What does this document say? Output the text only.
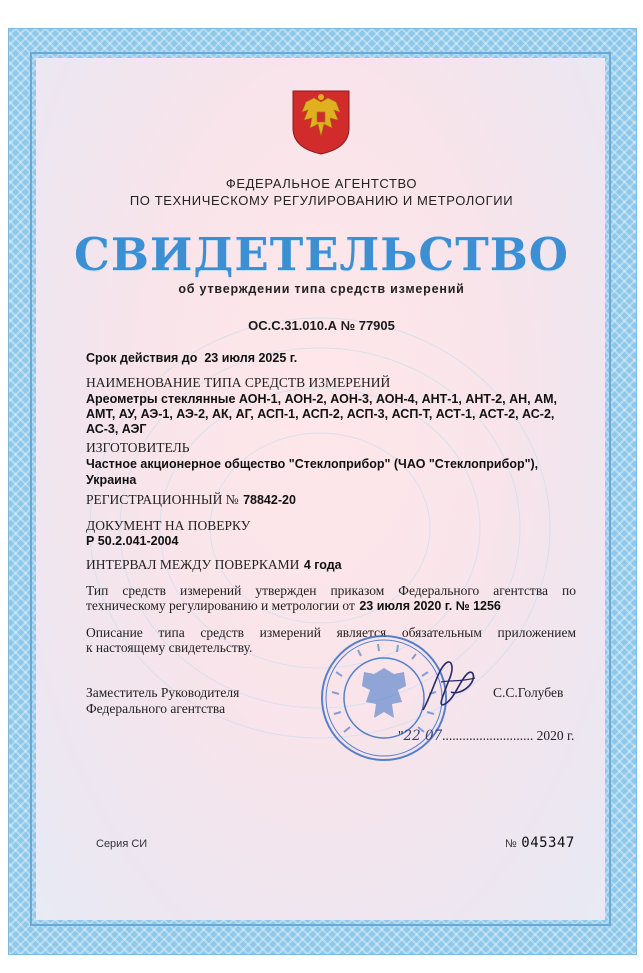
ФЕДЕРАЛЬНОЕ АГЕНТСТВО
ПО ТЕХНИЧЕСКОМУ РЕГУЛИРОВАНИЮ И МЕТРОЛОГИИ
СВИДЕТЕЛЬСТВО
об утверждении типа средств измерений
ОС.С.31.010.А № 77905
Срок действия до 23 июля 2025 г.
НАИМЕНОВАНИЕ ТИПА СРЕДСТВ ИЗМЕРЕНИЙ
Ареометры стеклянные АОН-1, АОН-2, АОН-3, АОН-4, АНТ-1, АНТ-2, АН, АМ,
АМТ, АУ, АЭ-1, АЭ-2, АК, АГ, АСП-1, АСП-2, АСП-3, АСП-Т, АСТ-1, АСТ-2, АС-2,
АС-3, АЭГ
ИЗГОТОВИТЕЛЬ
Частное акционерное общество "Стеклоприбор" (ЧАО "Стеклоприбор"),
Украина
РЕГИСТРАЦИОННЫЙ № 78842-20
ДОКУМЕНТ НА ПОВЕРКУ
Р 50.2.041-2004
ИНТЕРВАЛ МЕЖДУ ПОВЕРКАМИ 4 года
Тип средств измерений утвержден приказом Федерального агентства по
техническому регулированию и метрологии от 23 июля 2020 г. № 1256
Описание типа средств измерений является обязательным приложением
к настоящему свидетельству.
Заместитель Руководителя
Федерального агентства
С.С.Голубев
"22 07........................... 2020 г.
Серия СИ	№ 045347
